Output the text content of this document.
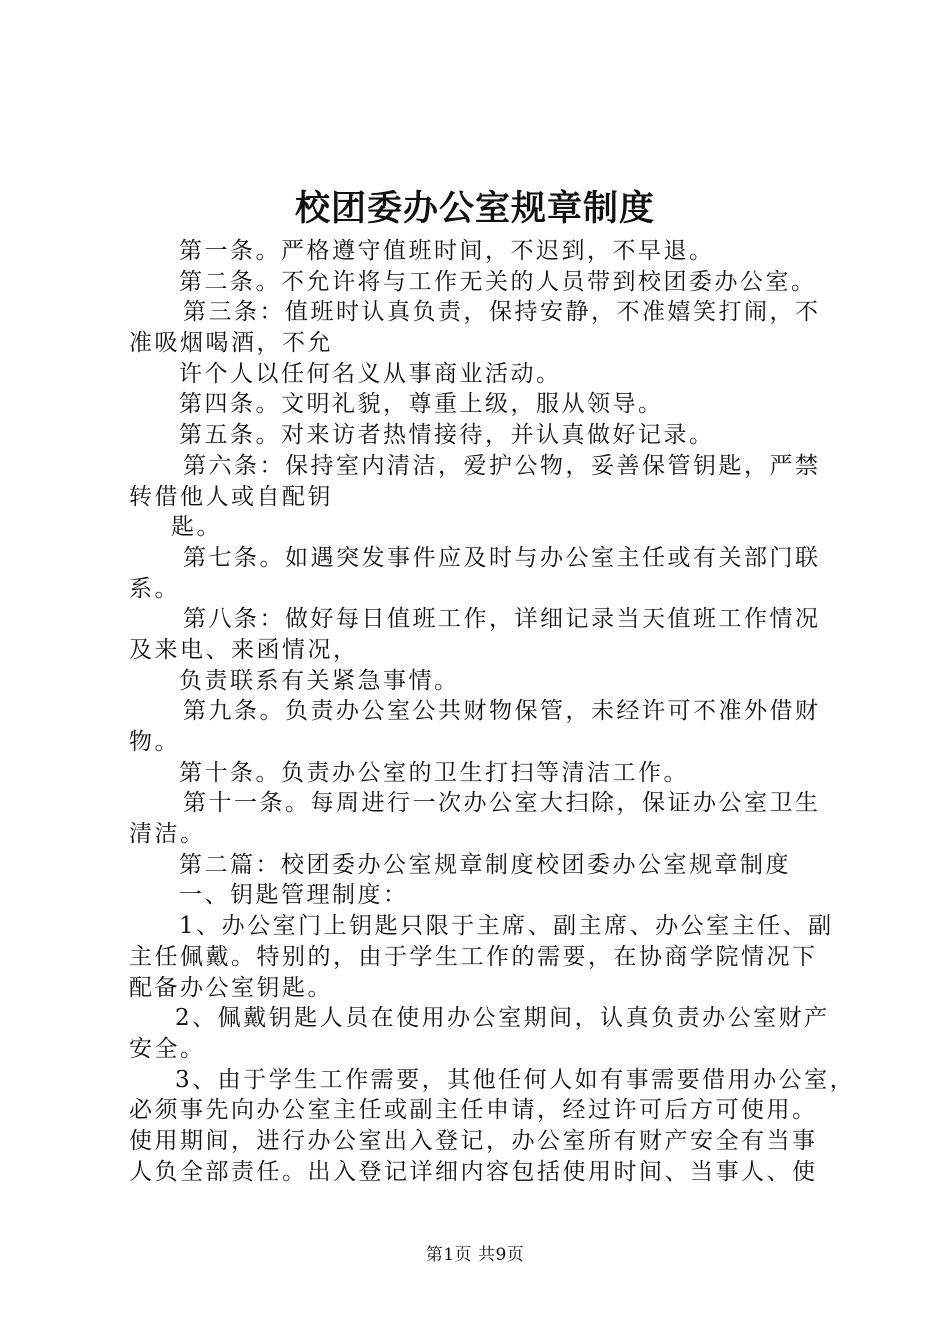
校团委办公室规章制度
第一条。严格遵守值班时间，不迟到，不早退。
第二条。不允许将与工作无关的人员带到校团委办公室。
第三条：值班时认真负责，保持安静，不准嬉笑打闹，不
准吸烟喝酒，不允
许个人以任何名义从事商业活动。
第四条。文明礼貌，尊重上级，服从领导。
第五条。对来访者热情接待，并认真做好记录。
第六条：保持室内清洁，爱护公物，妥善保管钥匙，严禁
转借他人或自配钥
匙。
第七条。如遇突发事件应及时与办公室主任或有关部门联
系。
第八条：做好每日值班工作，详细记录当天值班工作情况
及来电、来函情况，
负责联系有关紧急事情。
第九条。负责办公室公共财物保管，未经许可不准外借财
物。
第十条。负责办公室的卫生打扫等清洁工作。
第十一条。每周进行一次办公室大扫除，保证办公室卫生
清洁。
第二篇：校团委办公室规章制度校团委办公室规章制度
一、钥匙管理制度：
1、办公室门上钥匙只限于主席、副主席、办公室主任、副
主任佩戴。特别的，由于学生工作的需要，在协商学院情况下
配备办公室钥匙。
2、佩戴钥匙人员在使用办公室期间，认真负责办公室财产
安全。
3、由于学生工作需要，其他任何人如有事需要借用办公室，
必须事先向办公室主任或副主任申请，经过许可后方可使用。
使用期间，进行办公室出入登记，办公室所有财产安全有当事
人负全部责任。出入登记详细内容包括使用时间、当事人、使
第1页 共9页
